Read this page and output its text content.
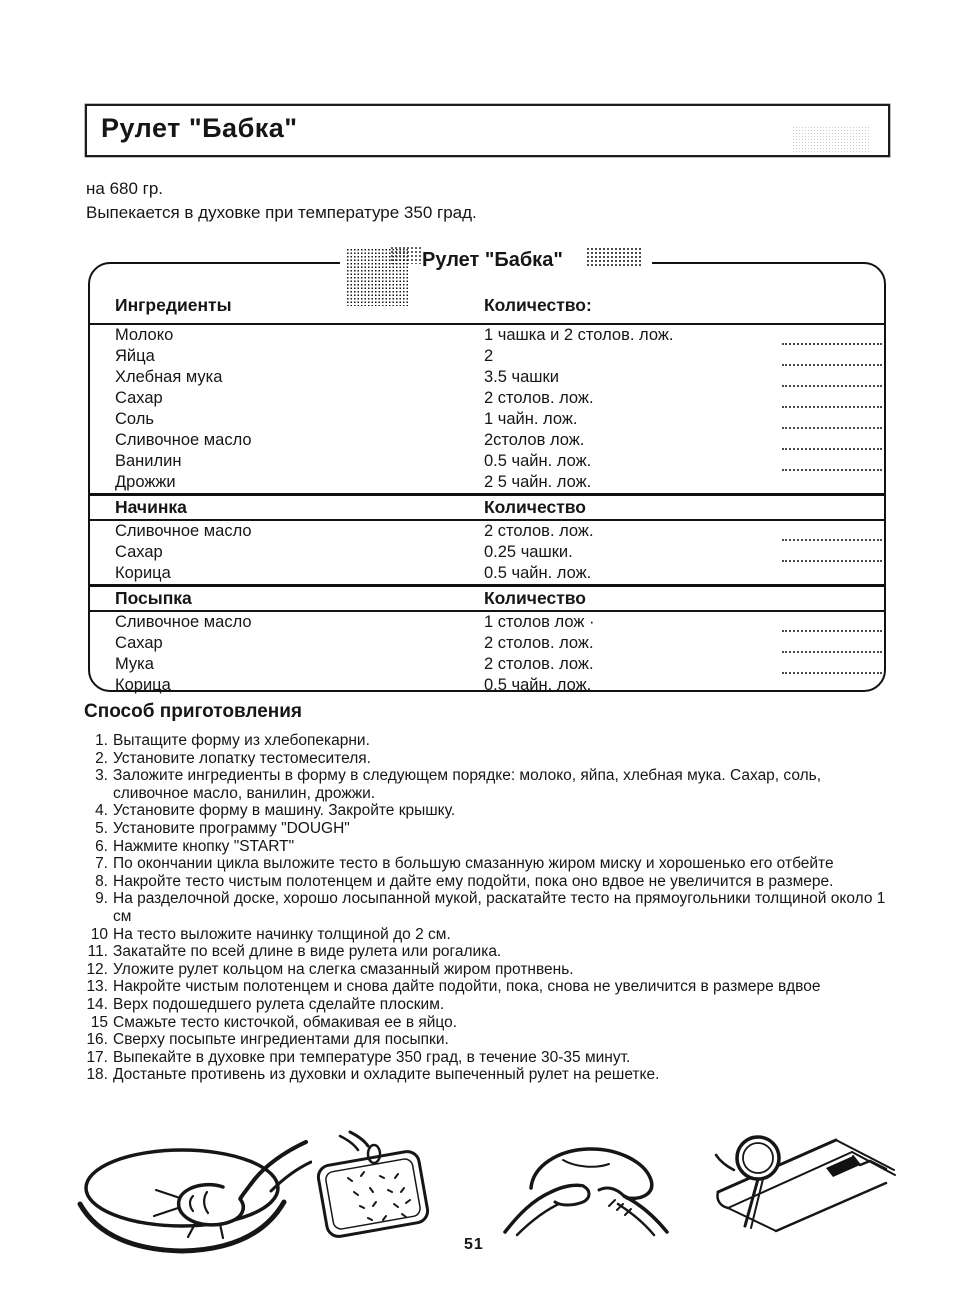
Рулет "Бабка"
на 680 гр.
Выпекается в духовке при температуре 350 град.
Рулет "Бабка"
Ингредиенты	Количество:
Молоко	1 чашка и 2 столов. лож.
Яйца	2
Хлебная мука	3.5 чашки
Сахар	2 столов. лож.
Соль	1 чайн. лож.
Сливочное масло	2столов лож.
Ванилин	0.5 чайн. лож.
Дрожжи	2 5 чайн. лож.
Начинка	Количество
Сливочное масло	2 столов. лож.
Сахар	0.25 чашки.
Корица	0.5 чайн. лож.
Посыпка	Количество
Сливочное масло	1 столов лож ·
Сахар	2 столов. лож.
Мука	2 столов. лож.
Корица	0.5 чайн. лож.
Способ приготовления
1. Вытащите форму из хлебопекарни.
2. Установите лопатку тестомесителя.
3. Заложите ингредиенты в форму в следующем порядке: молоко, яйпа, хлебная мука. Сахар, соль, сливочное масло, ванилин, дрожжи.
4. Установите форму в машину. Закройте крышку.
5. Установите программу "DOUGH"
6. Нажмите кнопку "START"
7. По окончании цикла выложите тесто в большую смазанную жиром миску и хорошенько его отбейте
8. Накройте тесто чистым полотенцем и дайте ему подойти, пока оно вдвое не увеличится в размере.
9. На разделочной доске, хорошо лосыпанной мукой, раскатайте тесто на прямоугольники толщиной около 1 см
10 На тесто выложите начинку толщиной до 2 см.
11. Закатайте по всей длине в виде рулета или рогалика.
12. Уложите рулет кольцом на слегка смазанный жиром протнвень.
13. Накройте чистым полотенцем и снова дайте подойти, пока, снова не увеличится в размере вдвое
14. Верх подошедшего рулета сделайте плоским.
15 Смажьте тесто кисточкой, обмакивая ее в яйцо.
16. Сверху посыпьте ингредиентами для посыпки.
17. Выпекайте в духовке при температуре 350 град, в течение 30-35 минут.
18. Достаньте противень из духовки и охладите выпеченный рулет на решетке.
51
